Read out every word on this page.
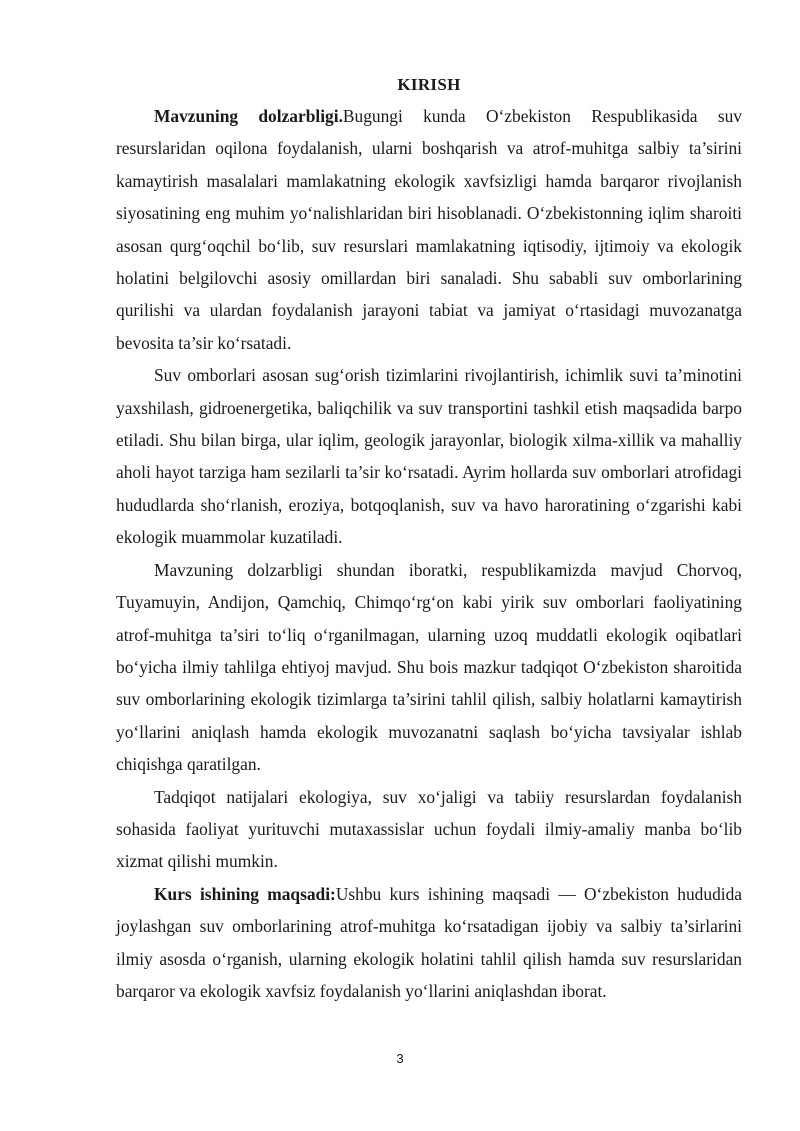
KIRISH

Mavzuning dolzarbligi.Bugungi kunda O‘zbekiston Respublikasida suv resurslaridan oqilona foydalanish, ularni boshqarish va atrof-muhitga salbiy ta’sirini kamaytirish masalalari mamlakatning ekologik xavfsizligi hamda barqaror rivojlanish siyosatining eng muhim yo‘nalishlaridan biri hisoblanadi. O‘zbekistonning iqlim sharoiti asosan qurg‘oqchil bo‘lib, suv resurslari mamlakatning iqtisodiy, ijtimoiy va ekologik holatini belgilovchi asosiy omillardan biri sanaladi. Shu sababli suv omborlarining qurilishi va ulardan foydalanish jarayoni tabiat va jamiyat o‘rtasidagi muvozanatga bevosita ta’sir ko‘rsatadi.

Suv omborlari asosan sug‘orish tizimlarini rivojlantirish, ichimlik suvi ta’minotini yaxshilash, gidroenergetika, baliqchilik va suv transportini tashkil etish maqsadida barpo etiladi. Shu bilan birga, ular iqlim, geologik jarayonlar, biologik xilma-xillik va mahalliy aholi hayot tarziga ham sezilarli ta’sir ko‘rsatadi. Ayrim hollarda suv omborlari atrofidagi hududlarda sho‘rlanish, eroziya, botqoqlanish, suv va havo haroratining o‘zgarishi kabi ekologik muammolar kuzatiladi.

Mavzuning dolzarbligi shundan iboratki, respublikamizda mavjud Chorvoq, Tuyamuyin, Andijon, Qamchiq, Chimqo‘rg‘on kabi yirik suv omborlari faoliyatining atrof-muhitga ta’siri to‘liq o‘rganilmagan, ularning uzoq muddatli ekologik oqibatlari bo‘yicha ilmiy tahlilga ehtiyoj mavjud. Shu bois mazkur tadqiqot O‘zbekiston sharoitida suv omborlarining ekologik tizimlarga ta’sirini tahlil qilish, salbiy holatlarni kamaytirish yo‘llarini aniqlash hamda ekologik muvozanatni saqlash bo‘yicha tavsiyalar ishlab chiqishga qaratilgan.

Tadqiqot natijalari ekologiya, suv xo‘jaligi va tabiiy resurslardan foydalanish sohasida faoliyat yurituvchi mutaxassislar uchun foydali ilmiy-amaliy manba bo‘lib xizmat qilishi mumkin.

Kurs ishining maqsadi:Ushbu kurs ishining maqsadi — O‘zbekiston hududida joylashgan suv omborlarining atrof-muhitga ko‘rsatadigan ijobiy va salbiy ta’sirlarini ilmiy asosda o‘rganish, ularning ekologik holatini tahlil qilish hamda suv resurslaridan barqaror va ekologik xavfsiz foydalanish yo‘llarini aniqlashdan iborat.

3
